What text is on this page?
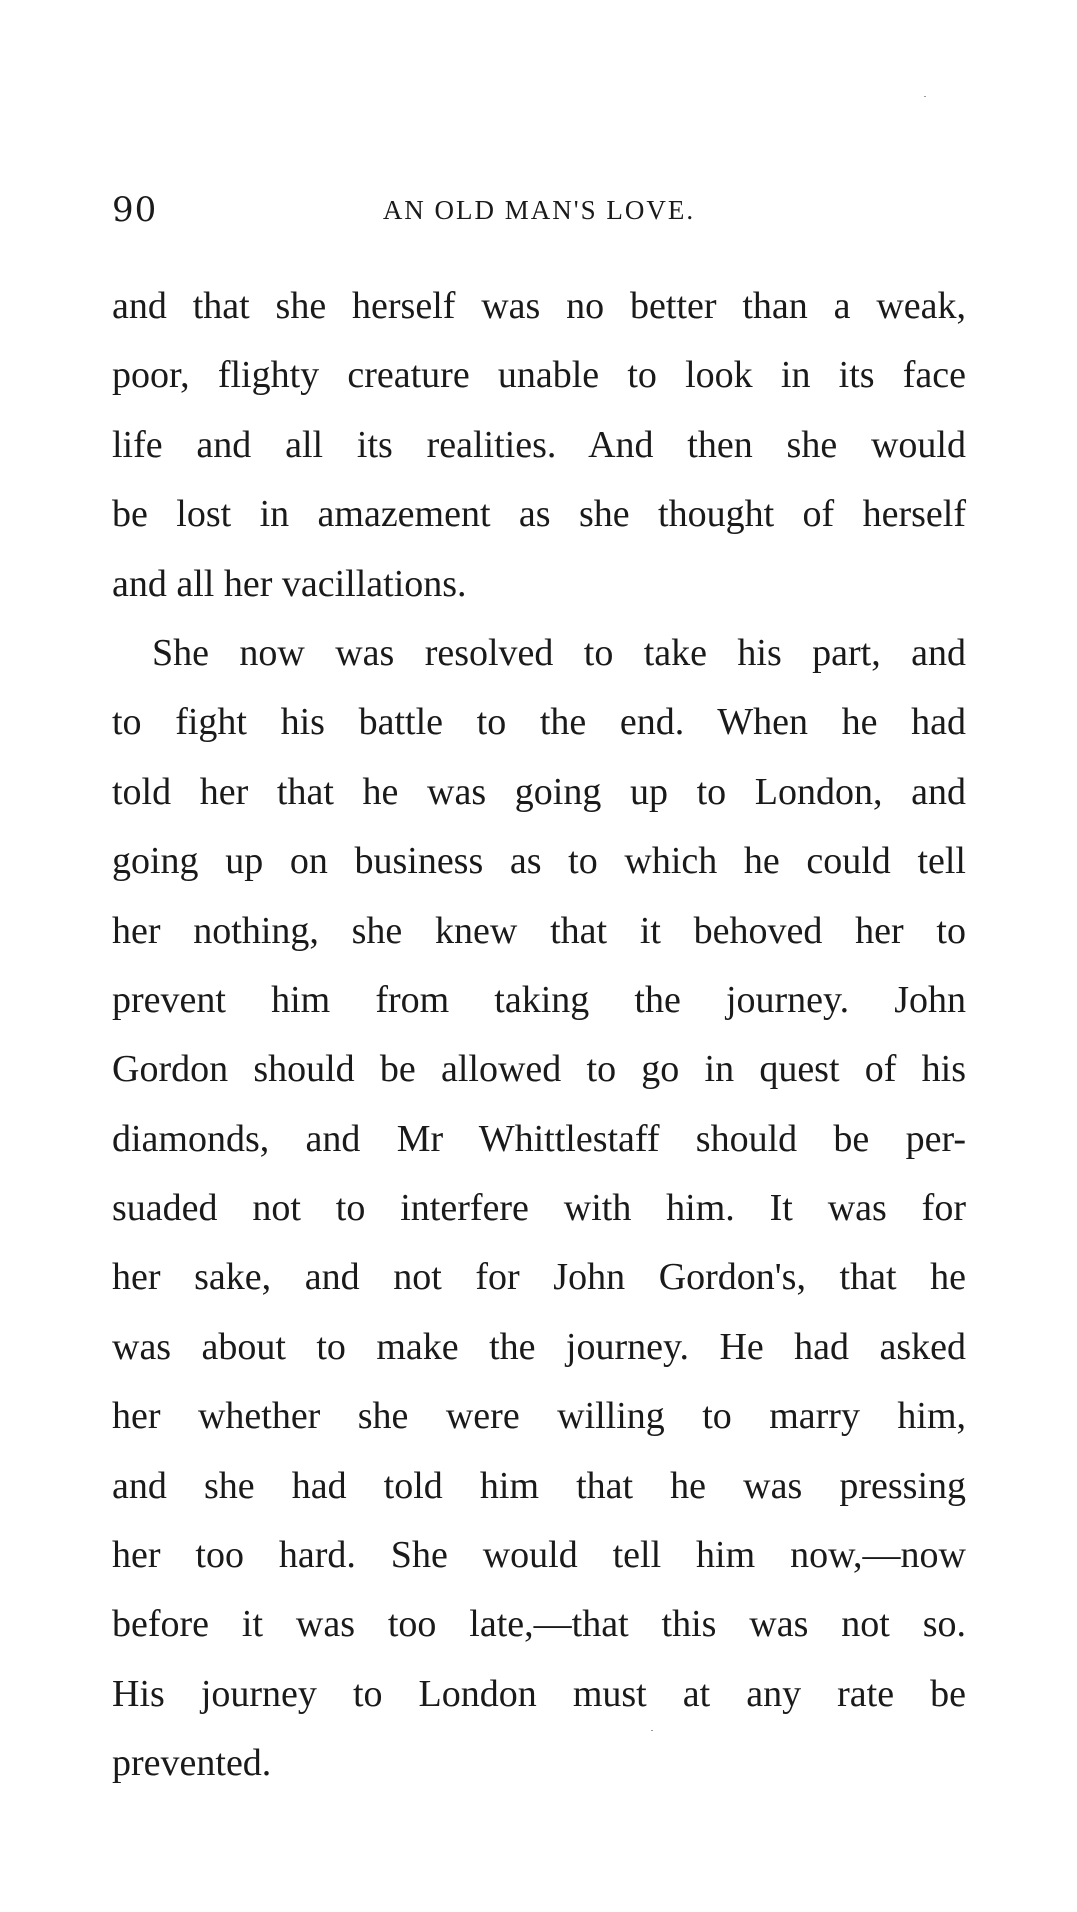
90	AN OLD MAN'S LOVE.
and that she herself was no better than a weak,
poor, flighty creature unable to look in its face
life and all its realities. And then she would
be lost in amazement as she thought of herself
and all her vacillations.
She now was resolved to take his part, and
to fight his battle to the end. When he had
told her that he was going up to London, and
going up on business as to which he could tell
her nothing, she knew that it behoved her to
prevent him from taking the journey. John
Gordon should be allowed to go in quest of his
diamonds, and Mr Whittlestaff should be per-
suaded not to interfere with him. It was for
her sake, and not for John Gordon's, that he
was about to make the journey. He had asked
her whether she were willing to marry him,
and she had told him that he was pressing
her too hard. She would tell him now,—now
before it was too late,—that this was not so.
His journey to London must at any rate be
prevented.
